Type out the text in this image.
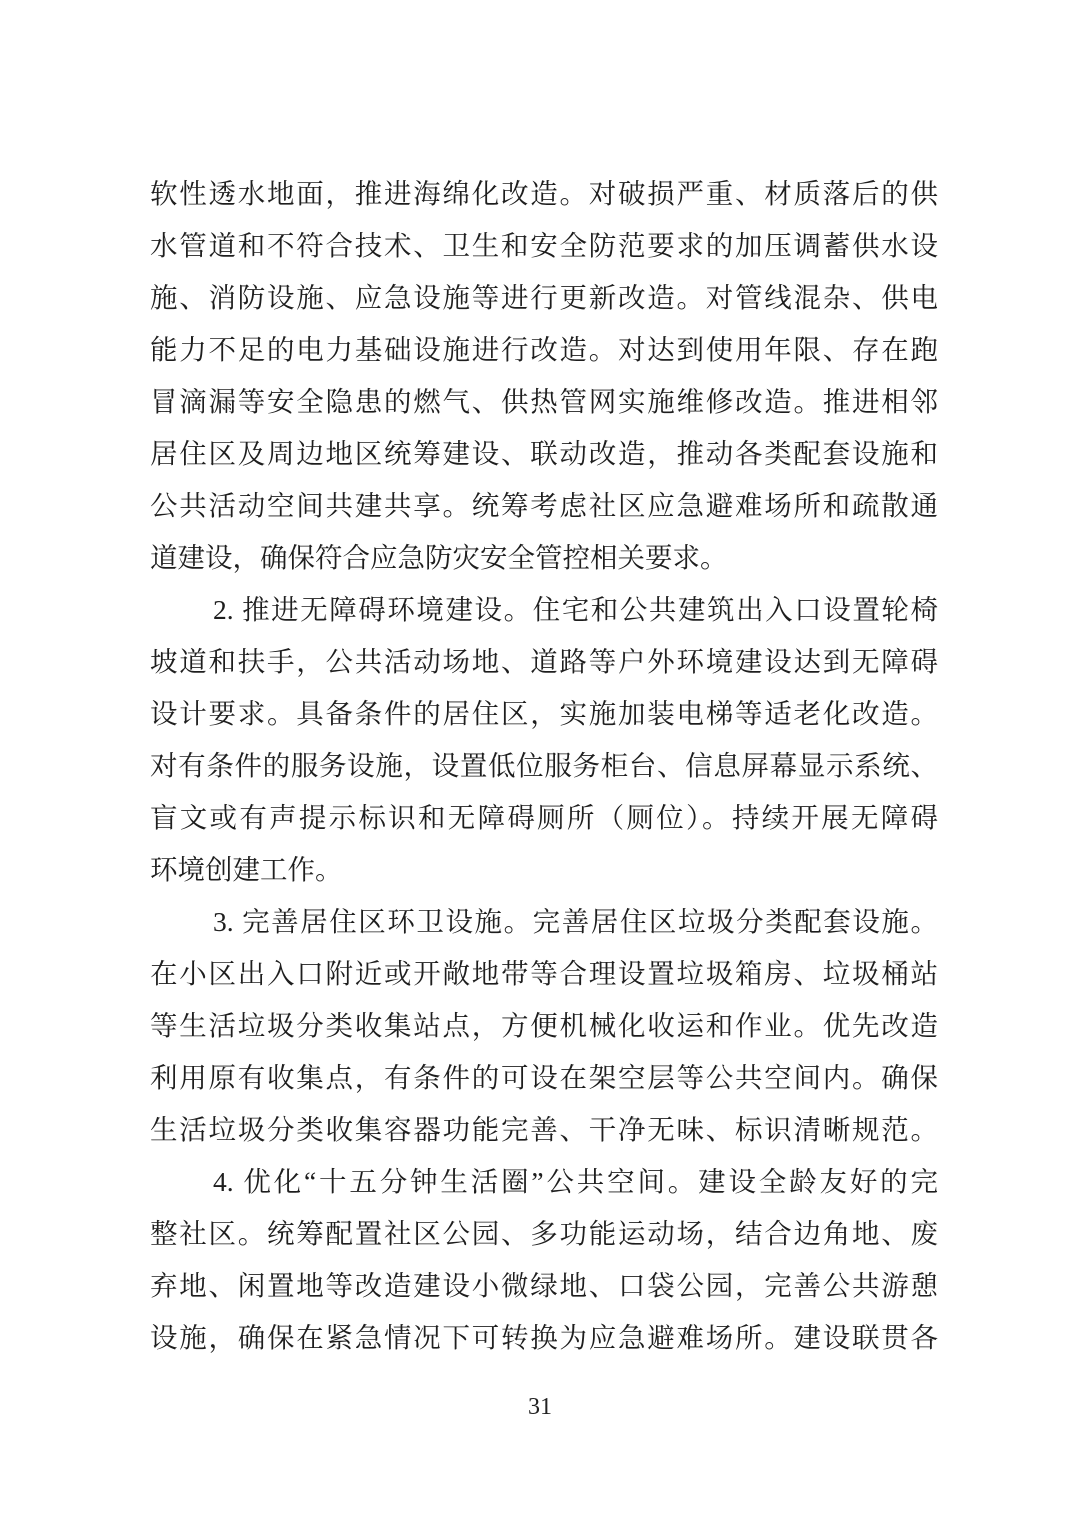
软性透水地面，推进海绵化改造。对破损严重、材质落后的供
水管道和不符合技术、卫生和安全防范要求的加压调蓄供水设
施、消防设施、应急设施等进行更新改造。对管线混杂、供电
能力不足的电力基础设施进行改造。对达到使用年限、存在跑
冒滴漏等安全隐患的燃气、供热管网实施维修改造。推进相邻
居住区及周边地区统筹建设、联动改造，推动各类配套设施和
公共活动空间共建共享。统筹考虑社区应急避难场所和疏散通
道建设，确保符合应急防灾安全管控相关要求。
2. 推进无障碍环境建设。住宅和公共建筑出入口设置轮椅
坡道和扶手，公共活动场地、道路等户外环境建设达到无障碍
设计要求。具备条件的居住区，实施加装电梯等适老化改造。
对有条件的服务设施，设置低位服务柜台、信息屏幕显示系统、
盲文或有声提示标识和无障碍厕所（厕位）。持续开展无障碍
环境创建工作。
3. 完善居住区环卫设施。完善居住区垃圾分类配套设施。
在小区出入口附近或开敞地带等合理设置垃圾箱房、垃圾桶站
等生活垃圾分类收集站点，方便机械化收运和作业。优先改造
利用原有收集点，有条件的可设在架空层等公共空间内。确保
生活垃圾分类收集容器功能完善、干净无味、标识清晰规范。
4. 优化“十五分钟生活圈”公共空间。建设全龄友好的完
整社区。统筹配置社区公园、多功能运动场，结合边角地、废
弃地、闲置地等改造建设小微绿地、口袋公园，完善公共游憩
设施，确保在紧急情况下可转换为应急避难场所。建设联贯各
31
